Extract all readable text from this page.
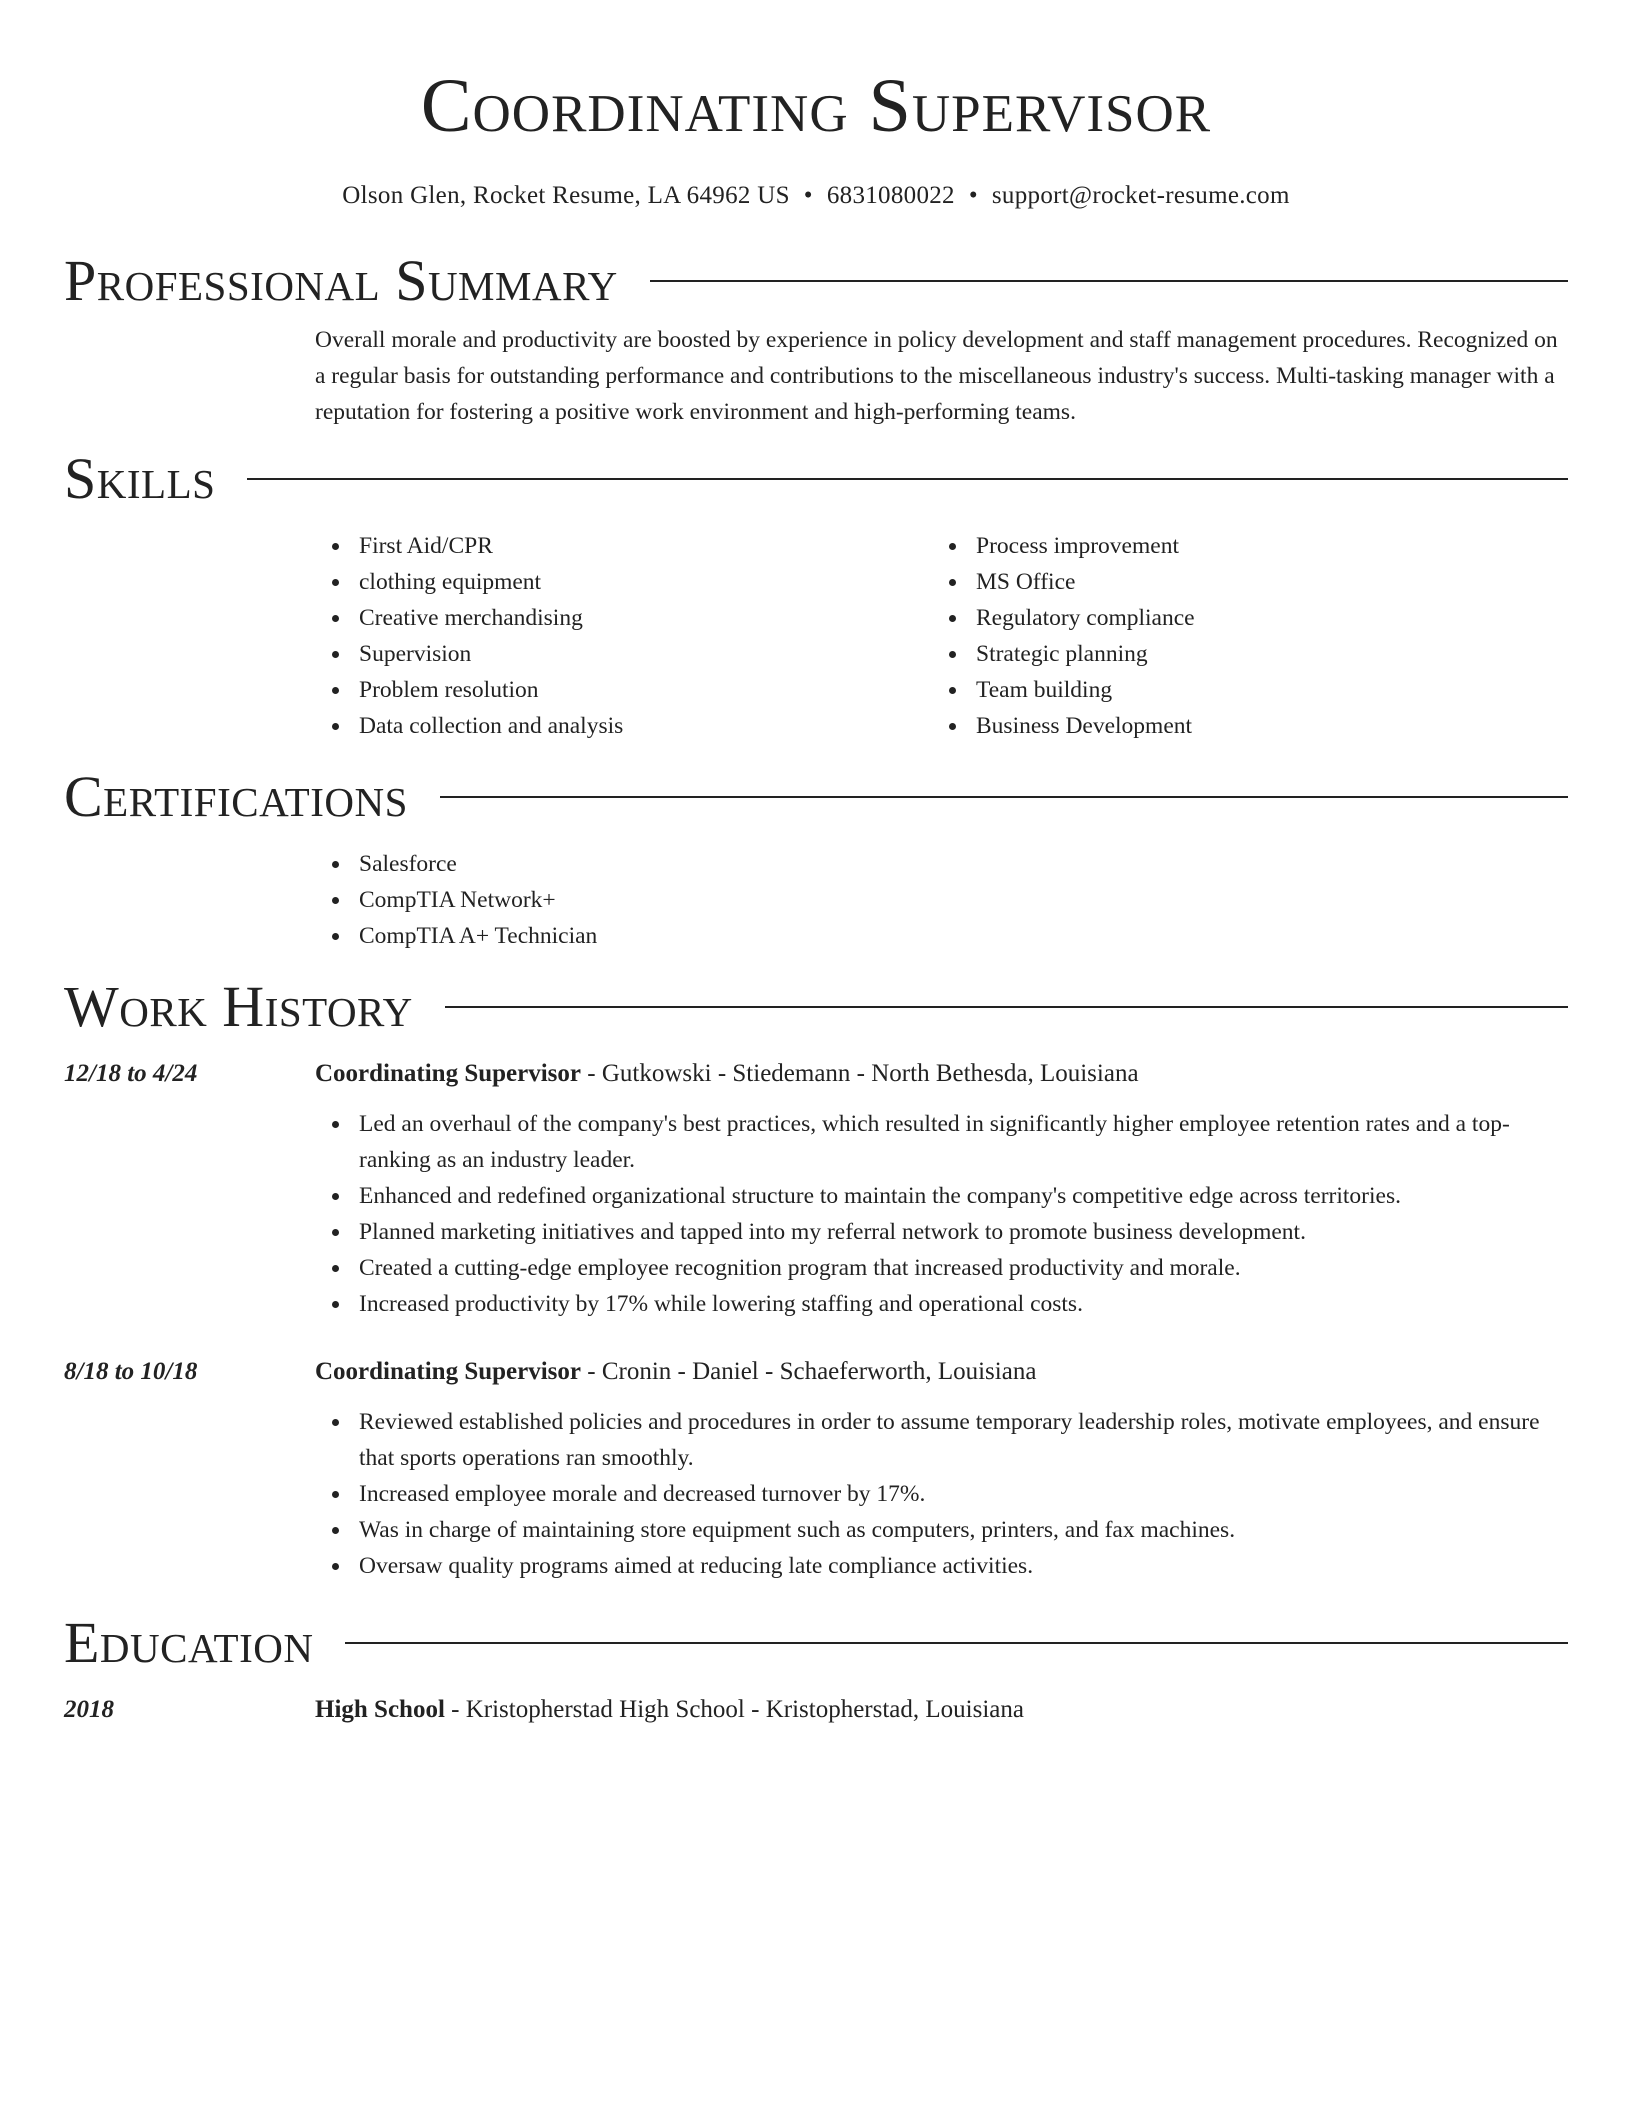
Coordinating Supervisor
Olson Glen, Rocket Resume, LA 64962 US • 6831080022 • support@rocket-resume.com
Professional Summary
Overall morale and productivity are boosted by experience in policy development and staff management procedures. Recognized on a regular basis for outstanding performance and contributions to the miscellaneous industry's success. Multi-tasking manager with a reputation for fostering a positive work environment and high-performing teams.
Skills
First Aid/CPR
clothing equipment
Creative merchandising
Supervision
Problem resolution
Data collection and analysis
Process improvement
MS Office
Regulatory compliance
Strategic planning
Team building
Business Development
Certifications
Salesforce
CompTIA Network+
CompTIA A+ Technician
Work History
12/18 to 4/24	Coordinating Supervisor - Gutkowski - Stiedemann - North Bethesda, Louisiana
Led an overhaul of the company's best practices, which resulted in significantly higher employee retention rates and a top-ranking as an industry leader.
Enhanced and redefined organizational structure to maintain the company's competitive edge across territories.
Planned marketing initiatives and tapped into my referral network to promote business development.
Created a cutting-edge employee recognition program that increased productivity and morale.
Increased productivity by 17% while lowering staffing and operational costs.
8/18 to 10/18	Coordinating Supervisor - Cronin - Daniel - Schaeferworth, Louisiana
Reviewed established policies and procedures in order to assume temporary leadership roles, motivate employees, and ensure that sports operations ran smoothly.
Increased employee morale and decreased turnover by 17%.
Was in charge of maintaining store equipment such as computers, printers, and fax machines.
Oversaw quality programs aimed at reducing late compliance activities.
Education
2018	High School - Kristopherstad High School - Kristopherstad, Louisiana
